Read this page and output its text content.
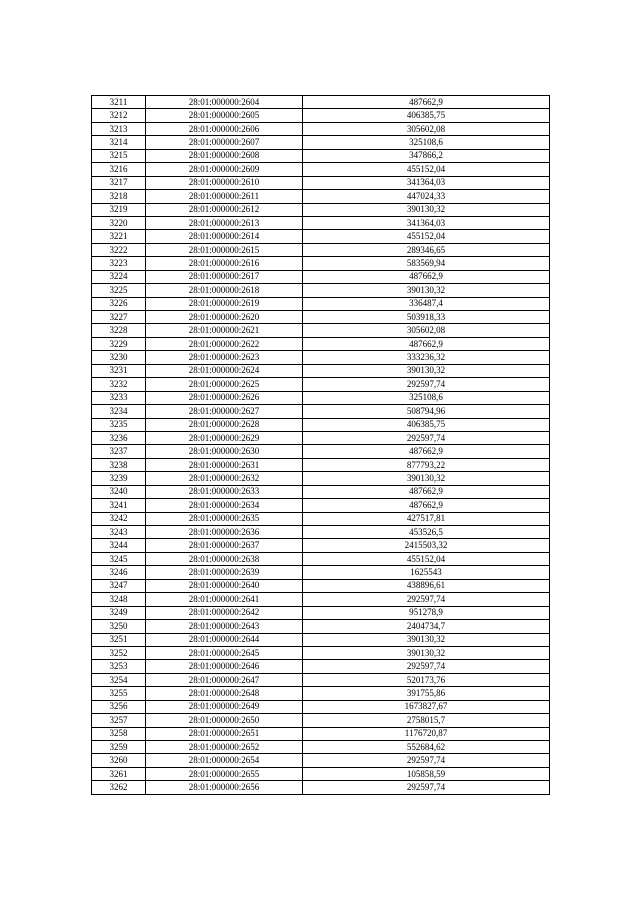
3211	28:01:000000:2604	487662,9
3212	28:01:000000:2605	406385,75
3213	28:01:000000:2606	305602,08
3214	28:01:000000:2607	325108,6
3215	28:01:000000:2608	347866,2
3216	28:01:000000:2609	455152,04
3217	28:01:000000:2610	341364,03
3218	28:01:000000:2611	447024,33
3219	28:01:000000:2612	390130,32
3220	28:01:000000:2613	341364,03
3221	28:01:000000:2614	455152,04
3222	28:01:000000:2615	289346,65
3223	28:01:000000:2616	583569,94
3224	28:01:000000:2617	487662,9
3225	28:01:000000:2618	390130,32
3226	28:01:000000:2619	336487,4
3227	28:01:000000:2620	503918,33
3228	28:01:000000:2621	305602,08
3229	28:01:000000:2622	487662,9
3230	28:01:000000:2623	333236,32
3231	28:01:000000:2624	390130,32
3232	28:01:000000:2625	292597,74
3233	28:01:000000:2626	325108,6
3234	28:01:000000:2627	508794,96
3235	28:01:000000:2628	406385,75
3236	28:01:000000:2629	292597,74
3237	28:01:000000:2630	487662,9
3238	28:01:000000:2631	877793,22
3239	28:01:000000:2632	390130,32
3240	28:01:000000:2633	487662,9
3241	28:01:000000:2634	487662,9
3242	28:01:000000:2635	427517,81
3243	28:01:000000:2636	453526,5
3244	28:01:000000:2637	2415503,32
3245	28:01:000000:2638	455152,04
3246	28:01:000000:2639	1625543
3247	28:01:000000:2640	438896,61
3248	28:01:000000:2641	292597,74
3249	28:01:000000:2642	951278,9
3250	28:01:000000:2643	2404734,7
3251	28:01:000000:2644	390130,32
3252	28:01:000000:2645	390130,32
3253	28:01:000000:2646	292597,74
3254	28:01:000000:2647	520173,76
3255	28:01:000000:2648	391755,86
3256	28:01:000000:2649	1673827,67
3257	28:01:000000:2650	2758015,7
3258	28:01:000000:2651	1176720,87
3259	28:01:000000:2652	552684,62
3260	28:01:000000:2654	292597,74
3261	28:01:000000:2655	105858,59
3262	28:01:000000:2656	292597,74
